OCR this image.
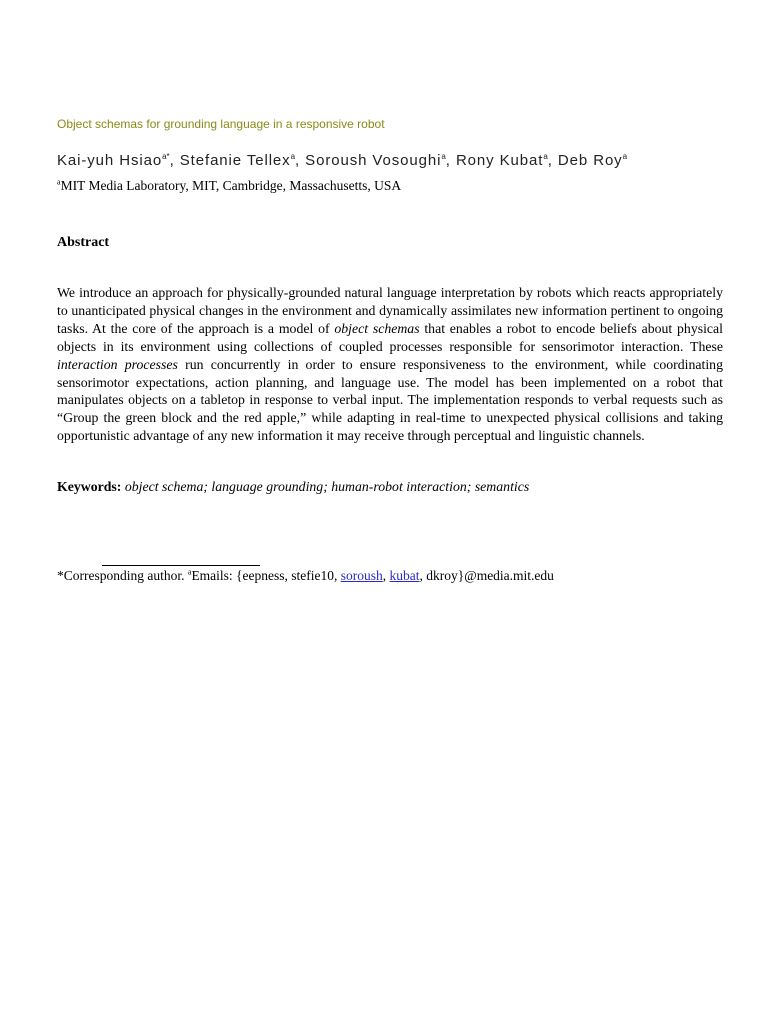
Object schemas for grounding language in a responsive robot
Kai-yuh Hsiao$^{a*}$, Stefanie Tellex$^a$, Soroush Vosoughi$^a$, Rony Kubat$^a$, Deb Roy$^a$
$^a$MIT Media Laboratory, MIT, Cambridge, Massachusetts, USA
Abstract

We introduce an approach for physically-grounded natural language interpretation by robots which reacts appropriately to unanticipated physical changes in the environment and dynamically assimilates new information pertinent to ongoing tasks. At the core of the approach is a model of object schemas that enables a robot to encode beliefs about physical objects in its environment using collections of coupled processes responsible for sensorimotor interaction. These interaction processes run concurrently in order to ensure responsiveness to the environment, while coordinating sensorimotor expectations, action planning, and language use. The model has been implemented on a robot that manipulates objects on a tabletop in response to verbal input. The implementation responds to verbal requests such as “Group the green block and the red apple,” while adapting in real-time to unexpected physical collisions and taking opportunistic advantage of any new information it may receive through perceptual and linguistic channels.

Keywords: object schema; language grounding; human-robot interaction; semantics
*Corresponding author. $^a$Emails: {eepness, stefie10, soroush, kubat, dkroy}@media.mit.edu
